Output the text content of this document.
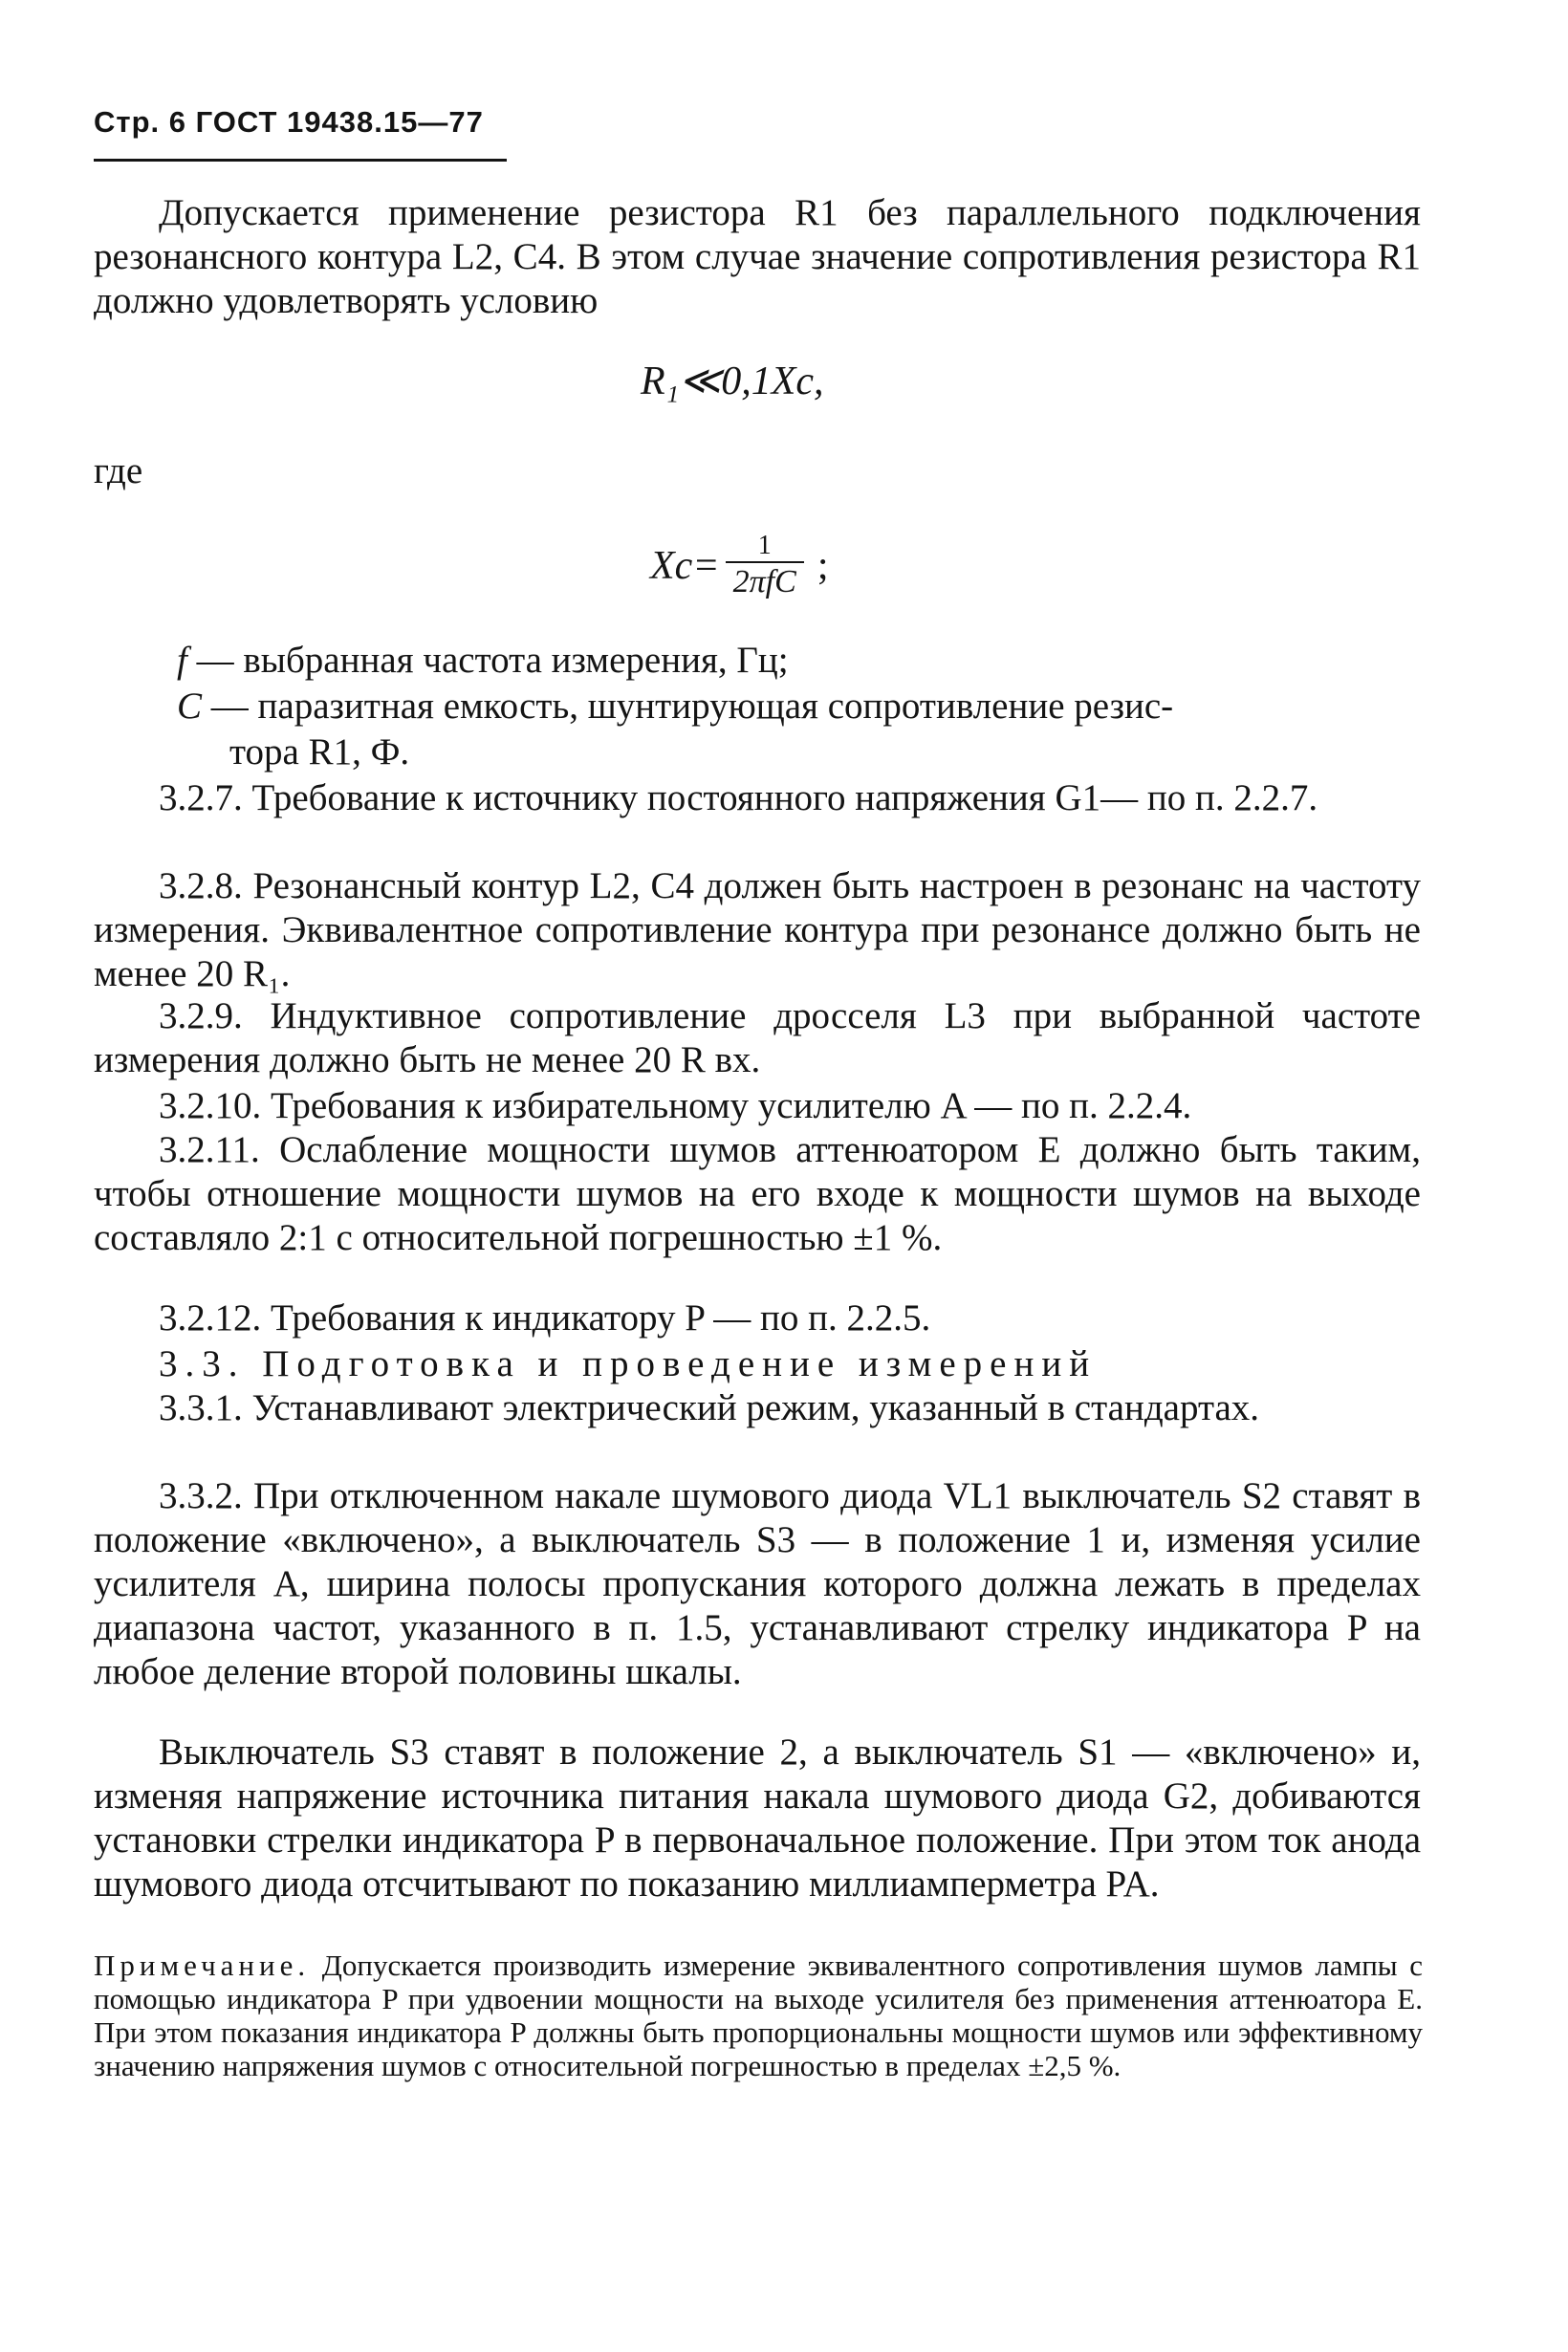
Стр. 6 ГОСТ 19438.15—77
Допускается применение резистора R1 без параллельного подключения резонансного контура L2, C4. В этом случае значение сопротивления резистора R1 должно удовлетворять условию
R₁≪0,1Xc,
где
$Xc= \frac{1}{\text{2πfC}}$ ;
f — выбранная частота измерения, Гц;
C — паразитная емкость, шунтирующая сопротивление резис-
тора R1, Ф.
3.2.7. Требование к источнику постоянного напряжения G1— по п. 2.2.7.
3.2.8. Резонансный контур L2, C4 должен быть настроен в резонанс на частоту измерения. Эквивалентное сопротивление контура при резонансе должно быть не менее 20 R₁.
3.2.9. Индуктивное сопротивление дросселя L3 при выбранной частоте измерения должно быть не менее 20 R вх.
3.2.10. Требования к избирательному усилителю A — по п. 2.2.4.
3.2.11. Ослабление мощности шумов аттенюатором E должно быть таким, чтобы отношение мощности шумов на его входе к мощности шумов на выходе составляло 2:1 с относительной погрешностью ±1 %.
3.2.12. Требования к индикатору P — по п. 2.2.5.
3.3. Подготовка и проведение измерений
3.3.1. Устанавливают электрический режим, указанный в стандартах.
3.3.2. При отключенном накале шумового диода VL1 выключатель S2 ставят в положение «включено», а выключатель S3 — в положение 1 и, изменяя усилие усилителя A, ширина полосы пропускания которого должна лежать в пределах диапазона частот, указанного в п. 1.5, устанавливают стрелку индикатора P на любое деление второй половины шкалы.
Выключатель S3 ставят в положение 2, а выключатель S1 — «включено» и, изменяя напряжение источника питания накала шумового диода G2, добиваются установки стрелки индикатора P в первоначальное положение. При этом ток анода шумового диода отсчитывают по показанию миллиамперметра PA.
Примечание. Допускается производить измерение эквивалентного сопротивления шумов лампы с помощью индикатора P при удвоении мощности на выходе усилителя без применения аттенюатора E. При этом показания индикатора P должны быть пропорциональны мощности шумов или эффективному значению напряжения шумов с относительной погрешностью в пределах ±2,5 %.
